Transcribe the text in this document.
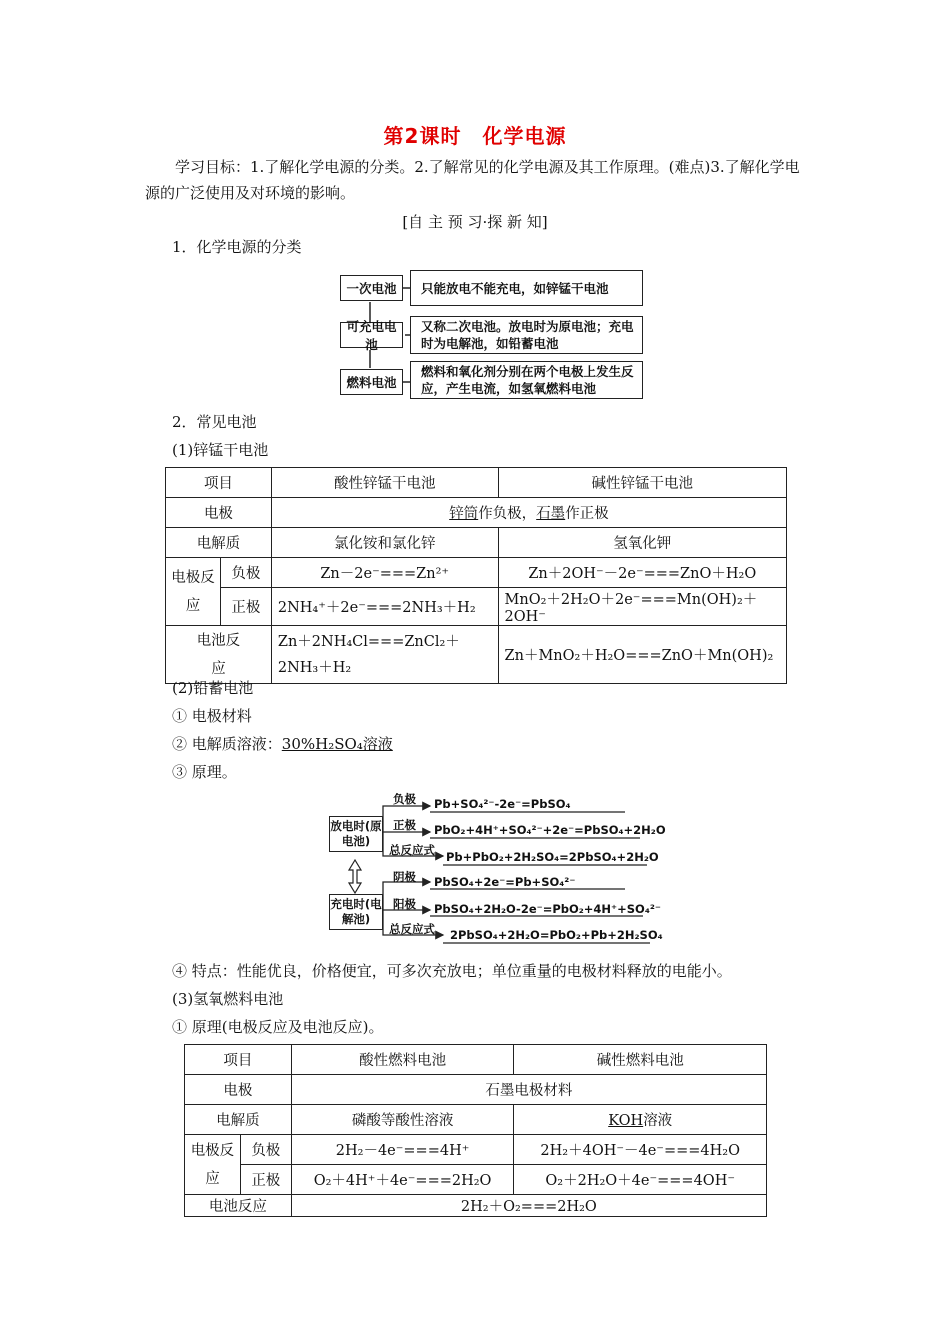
第2课时　化学电源
学习目标：1.了解化学电源的分类。2.了解常见的化学电源及其工作原理。(难点)3.了解化学电源的广泛使用及对环境的影响。
[自 主 预 习·探 新 知]
1．化学电源的分类
一次电池	只能放电不能充电，如锌锰干电池
可充电电池
又称二次电池。放电时为原电池；充电时为电解池，如铅蓄电池
燃料电池
燃料和氧化剂分别在两个电极上发生反应，产生电流，如氢氧燃料电池
2．常见电池
(1)锌锰干电池
项目		酸性锌锰干电池	碱性锌锰干电池
电极		锌筒作负极，石墨作正极	
电解质		氯化铵和氯化锌	氢氧化钾
电极反应	负极	Zn－2e⁻===Zn²⁺	Zn＋2OH⁻－2e⁻===ZnO＋H₂O
	正极	2NH₄⁺＋2e⁻===2NH₃＋H₂	MnO₂＋2H₂O＋2e⁻===Mn(OH)₂＋2OH⁻
电池反应		Zn＋2NH₄Cl===ZnCl₂＋2NH₃＋H₂	Zn＋MnO₂＋H₂O===ZnO＋Mn(OH)₂
(2)铅蓄电池
① 电极材料
② 电解质溶液：30%H₂SO₄溶液
③ 原理。
放电时(原电池)
充电时(电解池)
负极 Pb+SO₄²⁻-2e⁻=PbSO₄
正极 PbO₂+4H⁺+SO₄²⁻+2e⁻=PbSO₄+2H₂O
总反应式 Pb+PbO₂+2H₂SO₄=2PbSO₄+2H₂O
阴极 PbSO₄+2e⁻=Pb+SO₄²⁻
阳极 PbSO₄+2H₂O-2e⁻=PbO₂+4H⁺+SO₄²⁻
总反应式 2PbSO₄+2H₂O=PbO₂+Pb+2H₂SO₄
④ 特点：性能优良，价格便宜，可多次充放电；单位重量的电极材料释放的电能小。
(3)氢氧燃料电池
① 原理(电极反应及电池反应)。
项目		酸性燃料电池	碱性燃料电池
电极		石墨电极材料	
电解质		磷酸等酸性溶液	KOH溶液
电极反应	负极	2H₂－4e⁻===4H⁺	2H₂＋4OH⁻－4e⁻===4H₂O
	正极	O₂＋4H⁺＋4e⁻===2H₂O	O₂＋2H₂O＋4e⁻===4OH⁻
电池反应		2H₂＋O₂===2H₂O	
